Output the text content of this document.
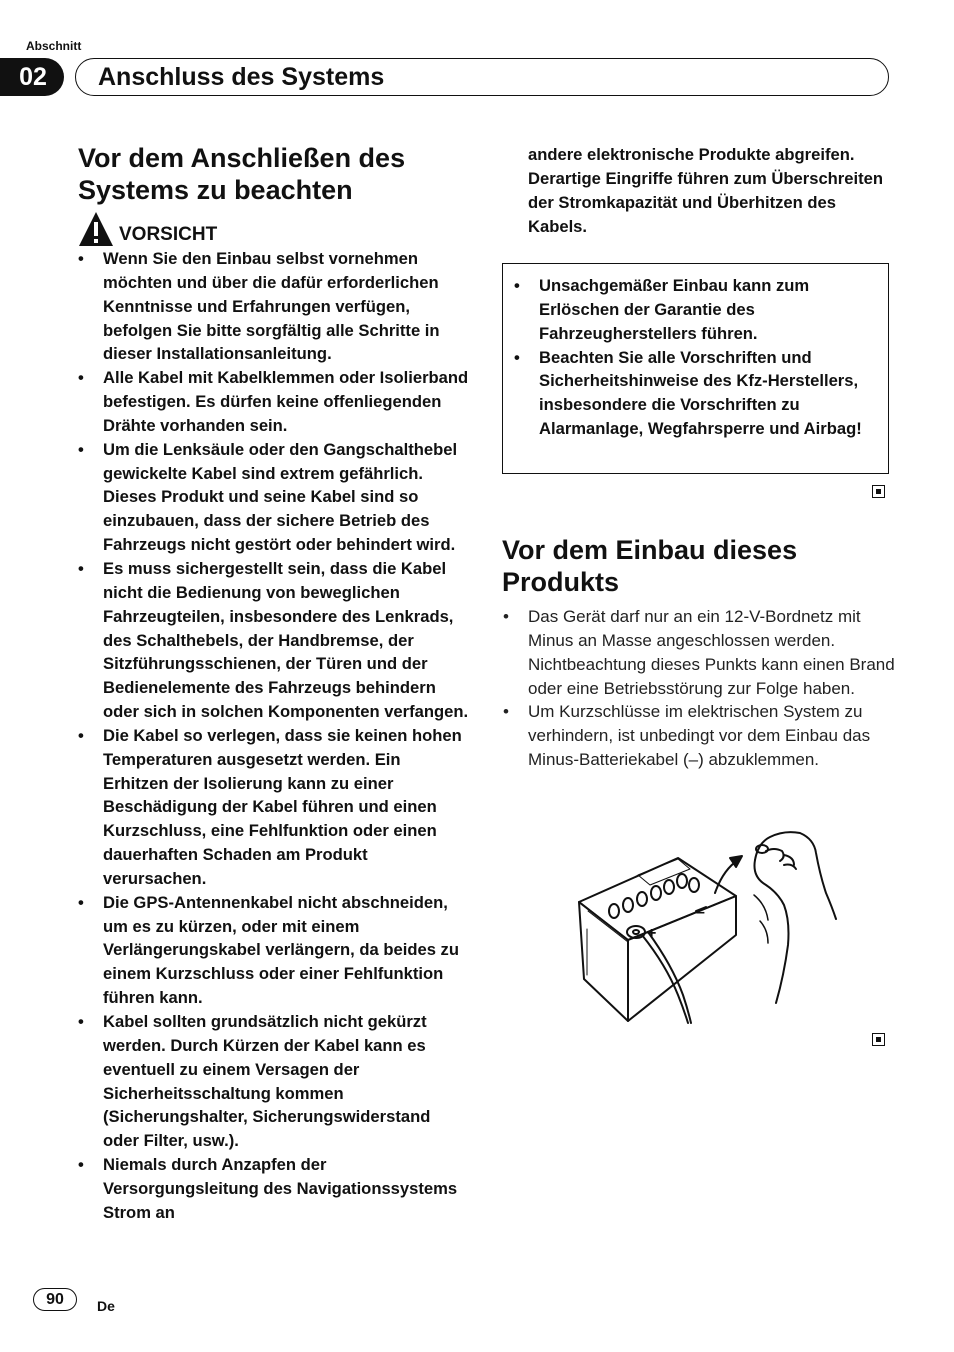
Abschnitt
02	Anschluss des Systems
Vor dem Anschließen des
Systems zu beachten
VORSICHT
• Wenn Sie den Einbau selbst vornehmen möchten und über die dafür erforderlichen Kenntnisse und Erfahrungen verfügen, befolgen Sie bitte sorgfältig alle Schritte in dieser Installationsanleitung.
• Alle Kabel mit Kabelklemmen oder Isolierband befestigen. Es dürfen keine offenliegenden Drähte vorhanden sein.
• Um die Lenksäule oder den Gangschalthebel gewickelte Kabel sind extrem gefährlich. Dieses Produkt und seine Kabel sind so einzubauen, dass der sichere Betrieb des Fahrzeugs nicht gestört oder behindert wird.
• Es muss sichergestellt sein, dass die Kabel nicht die Bedienung von beweglichen Fahrzeugteilen, insbesondere des Lenkrads, des Schalthebels, der Handbremse, der Sitzführungsschienen, der Türen und der Bedienelemente des Fahrzeugs behindern oder sich in solchen Komponenten verfangen.
• Die Kabel so verlegen, dass sie keinen hohen Temperaturen ausgesetzt werden. Ein Erhitzen der Isolierung kann zu einer Beschädigung der Kabel führen und einen Kurzschluss, eine Fehlfunktion oder einen dauerhaften Schaden am Produkt verursachen.
• Die GPS-Antennenkabel nicht abschneiden, um es zu kürzen, oder mit einem Verlängerungskabel verlängern, da beides zu einem Kurzschluss oder einer Fehlfunktion führen kann.
• Kabel sollten grundsätzlich nicht gekürzt werden. Durch Kürzen der Kabel kann es eventuell zu einem Versagen der Sicherheitsschaltung kommen (Sicherungshalter, Sicherungswiderstand oder Filter, usw.).
• Niemals durch Anzapfen der Versorgungsleitung des Navigationssystems Strom an
andere elektronische Produkte abgreifen. Derartige Eingriffe führen zum Überschreiten der Stromkapazität und Überhitzen des Kabels.
• Unsachgemäßer Einbau kann zum Erlöschen der Garantie des Fahrzeugherstellers führen.
• Beachten Sie alle Vorschriften und Sicherheitshinweise des Kfz-Herstellers, insbesondere die Vorschriften zu Alarmanlage, Wegfahrsperre und Airbag!
Vor dem Einbau dieses
Produkts
• Das Gerät darf nur an ein 12-V-Bordnetz mit Minus an Masse angeschlossen werden. Nichtbeachtung dieses Punkts kann einen Brand oder eine Betriebsstörung zur Folge haben.
• Um Kurzschlüsse im elektrischen System zu verhindern, ist unbedingt vor dem Einbau das Minus-Batteriekabel (–) abzuklemmen.
+
–
90	De
